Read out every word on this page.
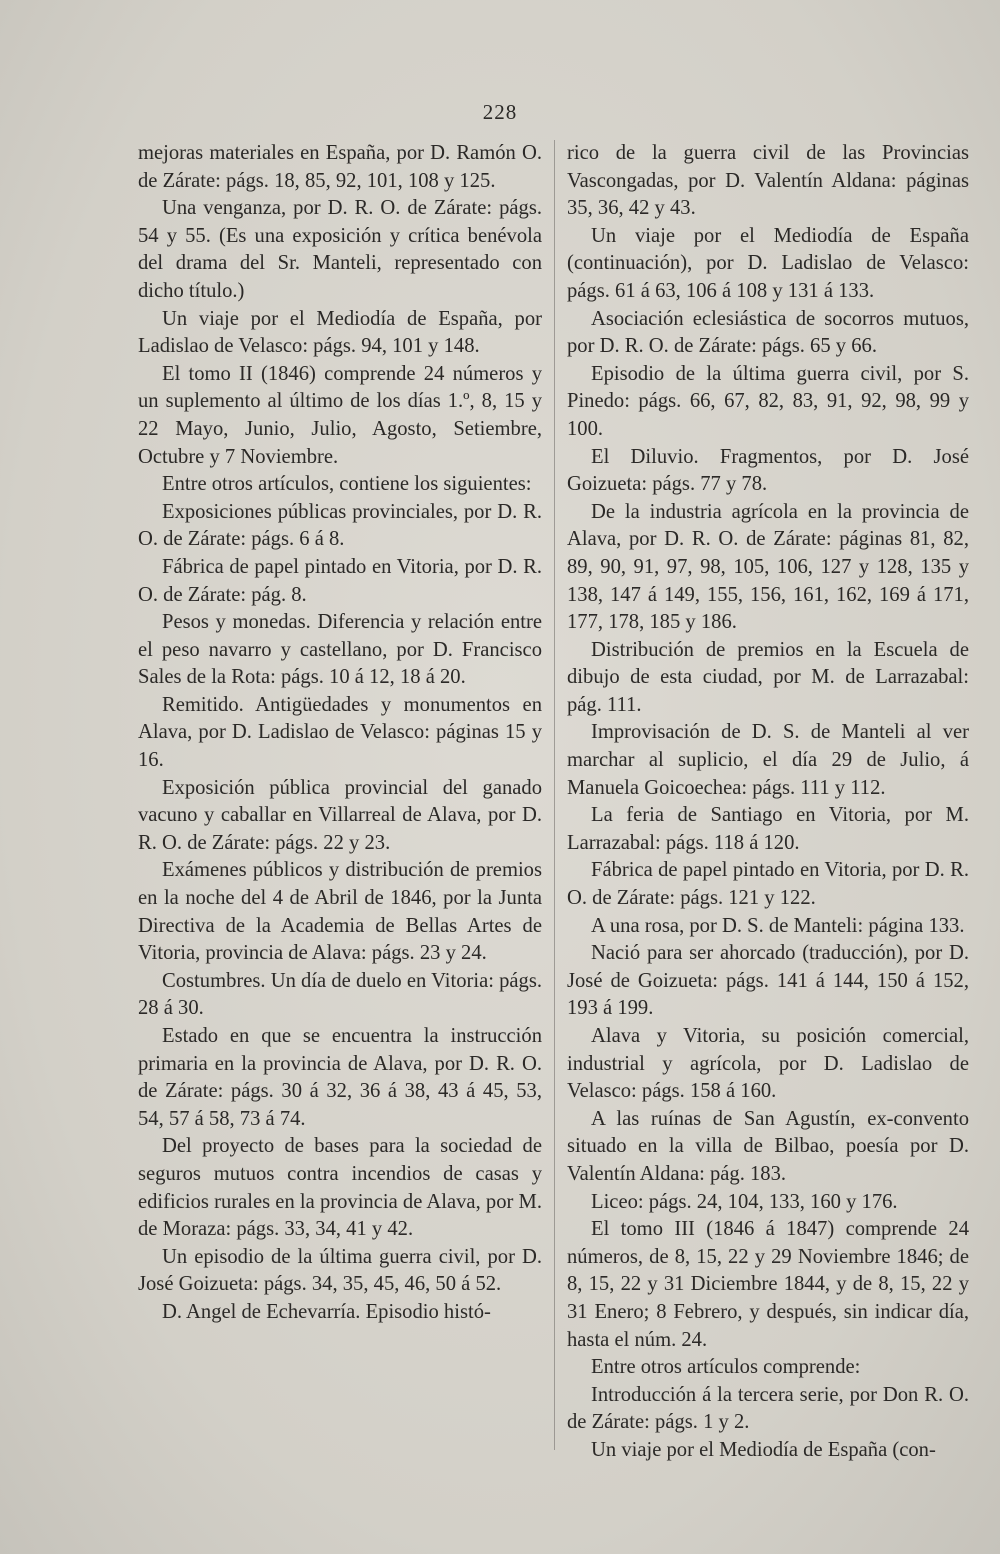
228

mejoras materiales en España, por D. Ramón O. de Zárate: págs. 18, 85, 92, 101, 108 y 125.

Una venganza, por D. R. O. de Zárate: págs. 54 y 55. (Es una exposición y crítica benévola del drama del Sr. Manteli, representado con dicho título.)

Un viaje por el Mediodía de España, por Ladislao de Velasco: págs. 94, 101 y 148.

El tomo II (1846) comprende 24 números y un suplemento al último de los días 1.º, 8, 15 y 22 Mayo, Junio, Julio, Agosto, Setiembre, Octubre y 7 Noviembre.

Entre otros artículos, contiene los siguientes:

Exposiciones públicas provinciales, por D. R. O. de Zárate: págs. 6 á 8.

Fábrica de papel pintado en Vitoria, por D. R. O. de Zárate: pág. 8.

Pesos y monedas. Diferencia y relación entre el peso navarro y castellano, por D. Francisco Sales de la Rota: págs. 10 á 12, 18 á 20.

Remitido. Antigüedades y monumentos en Alava, por D. Ladislao de Velasco: páginas 15 y 16.

Exposición pública provincial del ganado vacuno y caballar en Villarreal de Alava, por D. R. O. de Zárate: págs. 22 y 23.

Exámenes públicos y distribución de premios en la noche del 4 de Abril de 1846, por la Junta Directiva de la Academia de Bellas Artes de Vitoria, provincia de Alava: págs. 23 y 24.

Costumbres. Un día de duelo en Vitoria: págs. 28 á 30.

Estado en que se encuentra la instrucción primaria en la provincia de Alava, por D. R. O. de Zárate: págs. 30 á 32, 36 á 38, 43 á 45, 53, 54, 57 á 58, 73 á 74.

Del proyecto de bases para la sociedad de seguros mutuos contra incendios de casas y edificios rurales en la provincia de Alava, por M. de Moraza: págs. 33, 34, 41 y 42.

Un episodio de la última guerra civil, por D. José Goizueta: págs. 34, 35, 45, 46, 50 á 52.

D. Angel de Echevarría. Episodio histó-

rico de la guerra civil de las Provincias Vascongadas, por D. Valentín Aldana: páginas 35, 36, 42 y 43.

Un viaje por el Mediodía de España (continuación), por D. Ladislao de Velasco: págs. 61 á 63, 106 á 108 y 131 á 133.

Asociación eclesiástica de socorros mutuos, por D. R. O. de Zárate: págs. 65 y 66.

Episodio de la última guerra civil, por S. Pinedo: págs. 66, 67, 82, 83, 91, 92, 98, 99 y 100.

El Diluvio. Fragmentos, por D. José Goizueta: págs. 77 y 78.

De la industria agrícola en la provincia de Alava, por D. R. O. de Zárate: páginas 81, 82, 89, 90, 91, 97, 98, 105, 106, 127 y 128, 135 y 138, 147 á 149, 155, 156, 161, 162, 169 á 171, 177, 178, 185 y 186.

Distribución de premios en la Escuela de dibujo de esta ciudad, por M. de Larrazabal: pág. 111.

Improvisación de D. S. de Manteli al ver marchar al suplicio, el día 29 de Julio, á Manuela Goicoechea: págs. 111 y 112.

La feria de Santiago en Vitoria, por M. Larrazabal: págs. 118 á 120.

Fábrica de papel pintado en Vitoria, por D. R. O. de Zárate: págs. 121 y 122.

A una rosa, por D. S. de Manteli: página 133.

Nació para ser ahorcado (traducción), por D. José de Goizueta: págs. 141 á 144, 150 á 152, 193 á 199.

Alava y Vitoria, su posición comercial, industrial y agrícola, por D. Ladislao de Velasco: págs. 158 á 160.

A las ruínas de San Agustín, ex-convento situado en la villa de Bilbao, poesía por D. Valentín Aldana: pág. 183.

Liceo: págs. 24, 104, 133, 160 y 176.

El tomo III (1846 á 1847) comprende 24 números, de 8, 15, 22 y 29 Noviembre 1846; de 8, 15, 22 y 31 Diciembre 1844, y de 8, 15, 22 y 31 Enero; 8 Febrero, y después, sin indicar día, hasta el núm. 24.

Entre otros artículos comprende:

Introducción á la tercera serie, por Don R. O. de Zárate: págs. 1 y 2.

Un viaje por el Mediodía de España (con-
